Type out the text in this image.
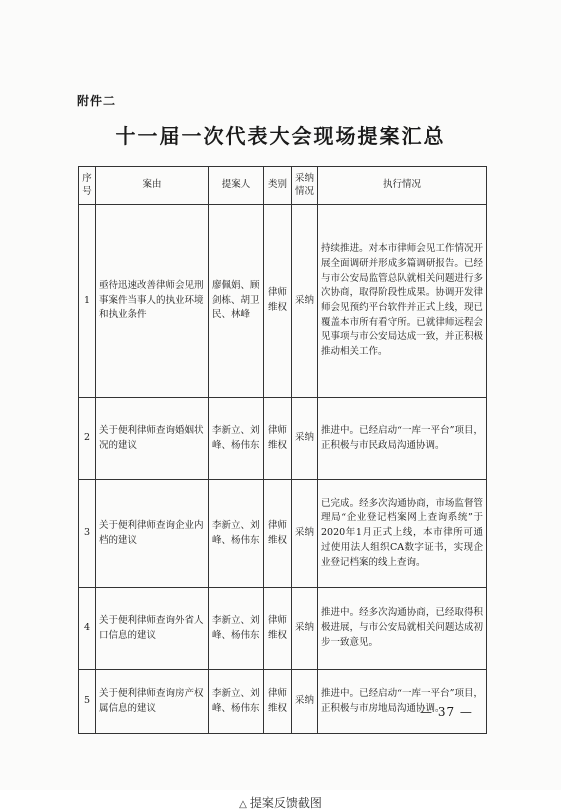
附件二
十一届一次代表大会现场提案汇总
序号	案由	提案人	类别	采纳情况	执行情况
1	亟待迅速改善律师会见刑事案件当事人的执业环境和执业条件	廖佩娟、顾剑栋、胡卫民、林峰	律师维权	采纳	持续推进。对本市律师会见工作情况开展全面调研并形成多篇调研报告。已经与市公安局监管总队就相关问题进行多次协商，取得阶段性成果。协调开发律师会见预约平台软件并正式上线，现已覆盖本市所有看守所。已就律师远程会见事项与市公安局达成一致，并正积极推动相关工作。
2	关于便利律师查询婚姻状况的建议	李新立、刘峰、杨伟东	律师维权	采纳	推进中。已经启动“一库一平台”项目，正积极与市民政局沟通协调。
3	关于便利律师查询企业内档的建议	李新立、刘峰、杨伟东	律师维权	采纳	已完成。经多次沟通协商，市场监督管理局“企业登记档案网上查询系统”于2020年1月正式上线，本市律所可通过使用法人组织CA数字证书，实现企业登记档案的线上查询。
4	关于便利律师查询外省人口信息的建议	李新立、刘峰、杨伟东	律师维权	采纳	推进中。经多次沟通协商，已经取得积极进展，与市公安局就相关问题达成初步一致意见。
5	关于便利律师查询房产权属信息的建议	李新立、刘峰、杨伟东	律师维权	采纳	推进中。已经启动“一库一平台”项目，正积极与市房地局沟通协调。
— 37 —
△ 提案反馈截图
